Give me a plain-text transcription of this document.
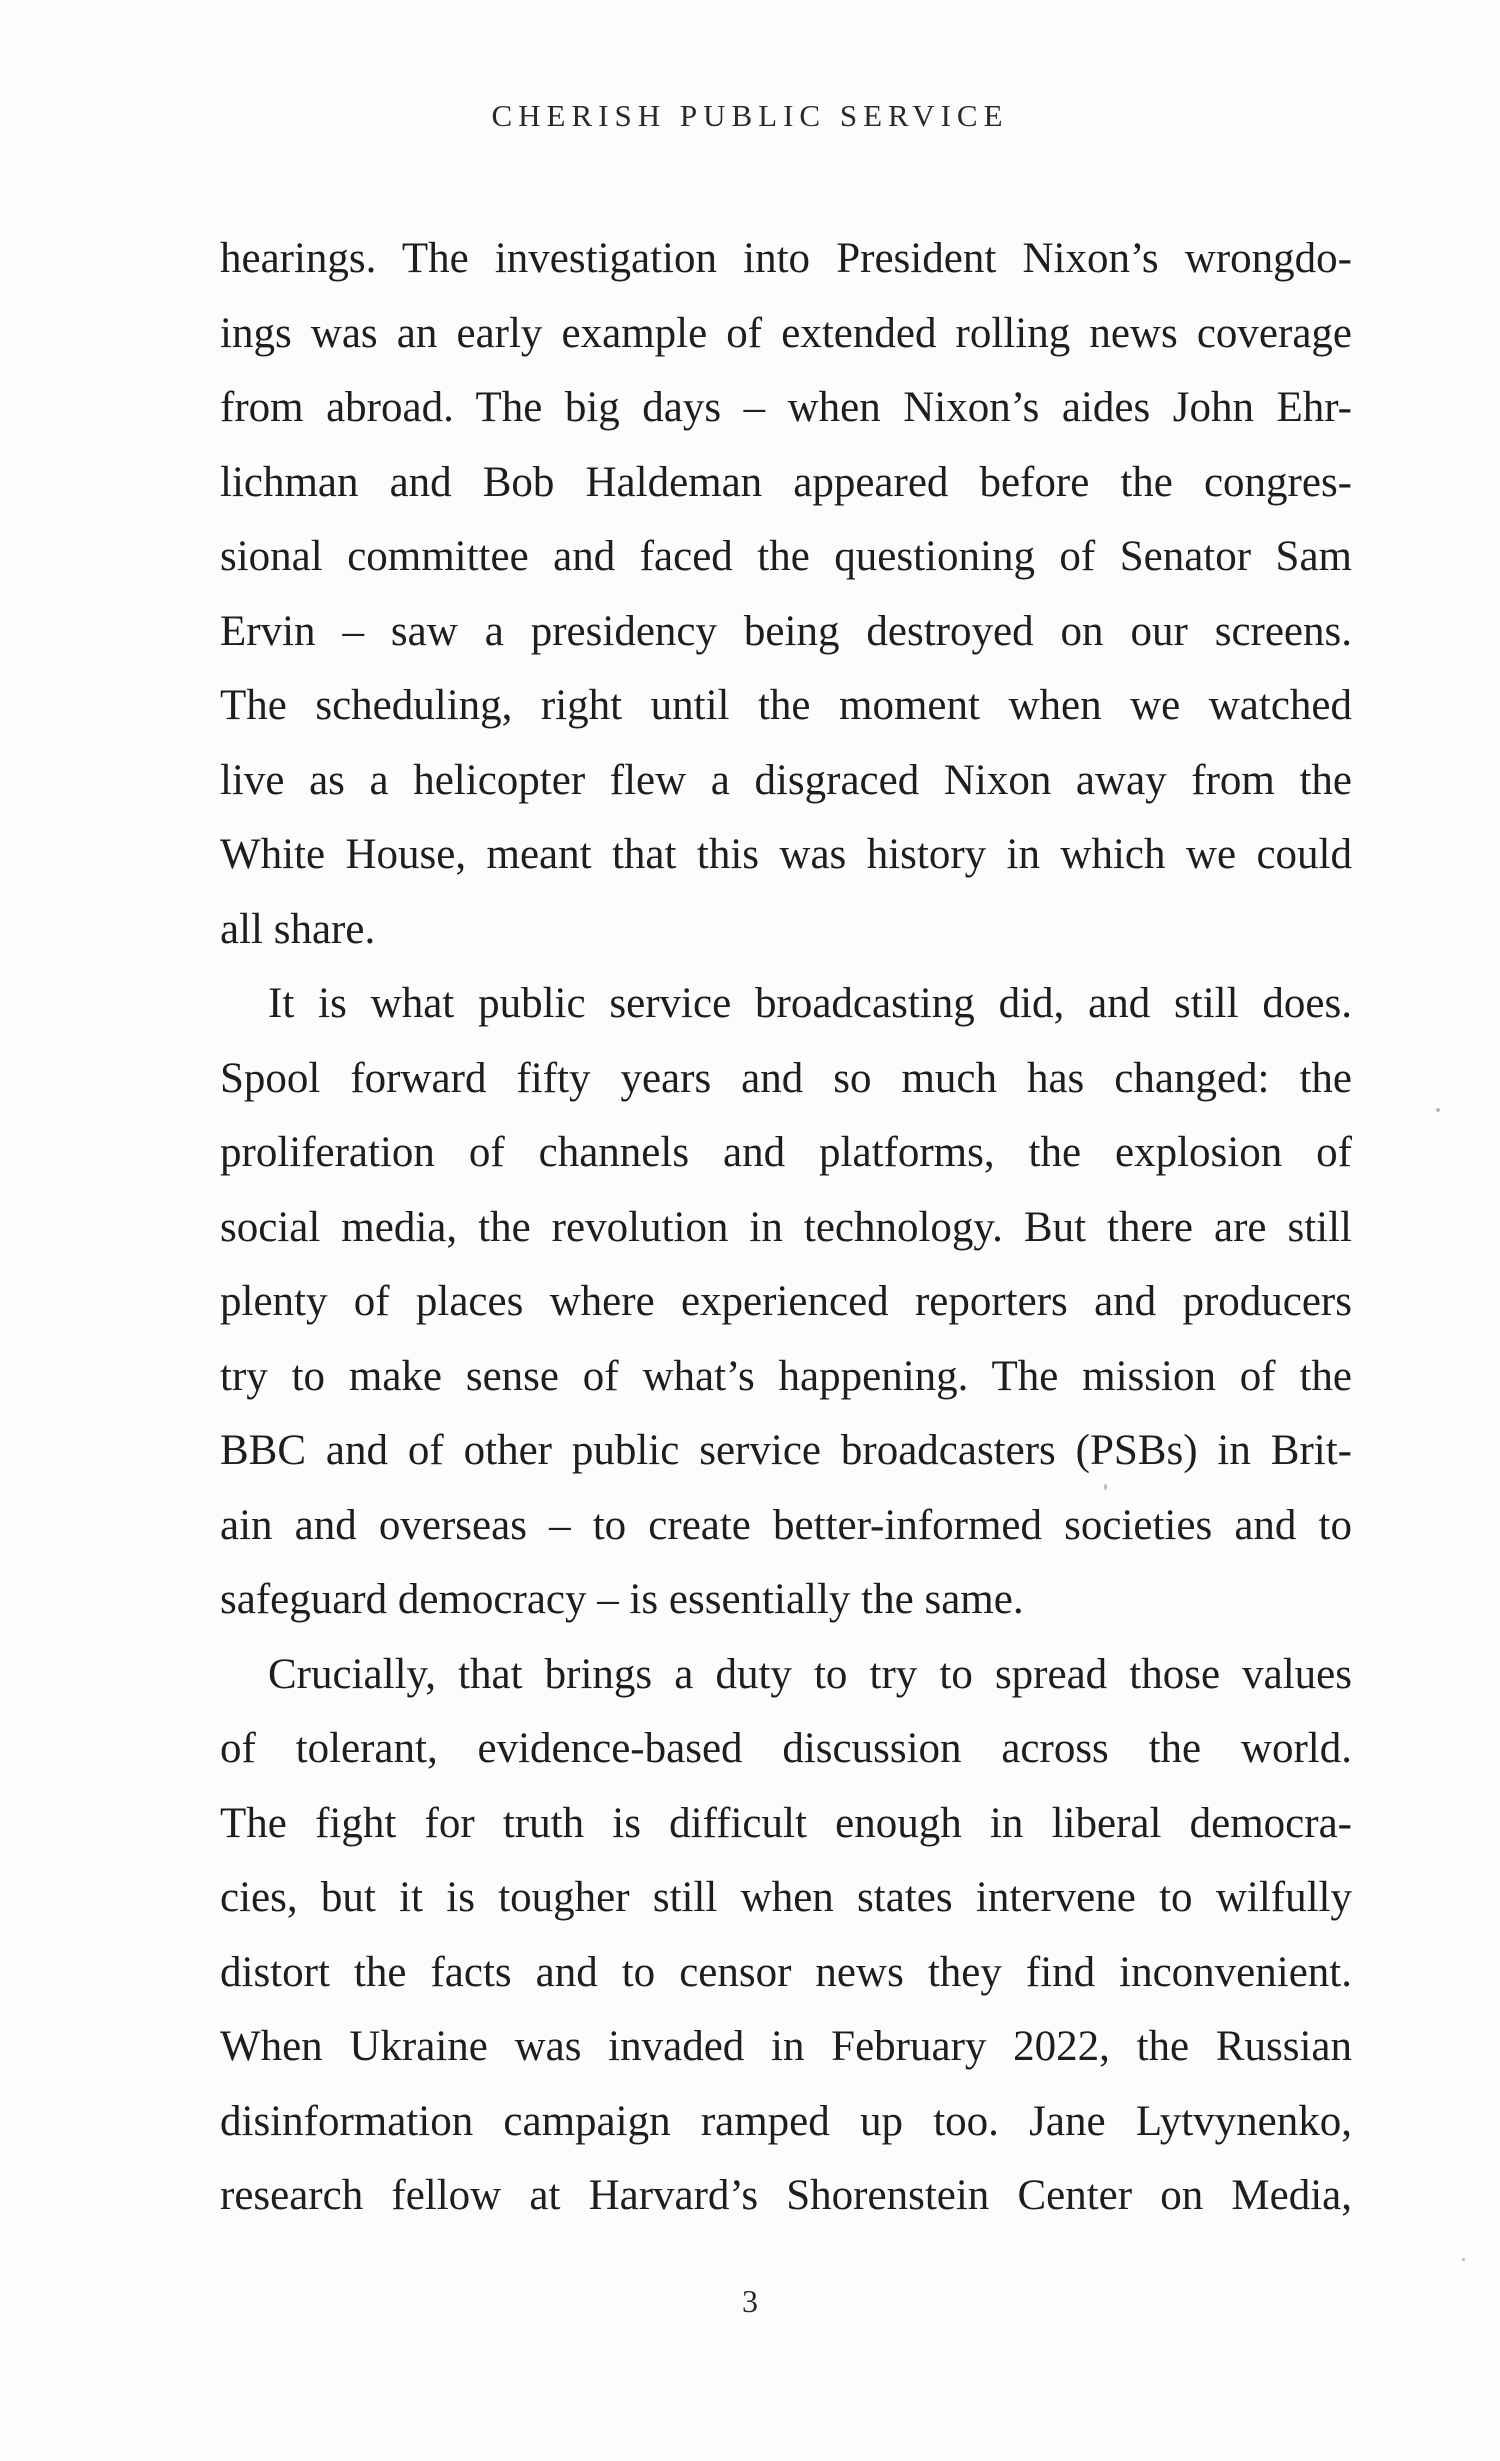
CHERISH PUBLIC SERVICE

hearings. The investigation into President Nixon’s wrongdo-
ings was an early example of extended rolling news coverage
from abroad. The big days – when Nixon’s aides John Ehr-
lichman and Bob Haldeman appeared before the congres-
sional committee and faced the questioning of Senator Sam
Ervin – saw a presidency being destroyed on our screens.
The scheduling, right until the moment when we watched
live as a helicopter flew a disgraced Nixon away from the
White House, meant that this was history in which we could
all share.

It is what public service broadcasting did, and still does.
Spool forward fifty years and so much has changed: the
proliferation of channels and platforms, the explosion of
social media, the revolution in technology. But there are still
plenty of places where experienced reporters and producers
try to make sense of what’s happening. The mission of the
BBC and of other public service broadcasters (PSBs) in Brit-
ain and overseas – to create better-informed societies and to
safeguard democracy – is essentially the same.

Crucially, that brings a duty to try to spread those values
of tolerant, evidence-based discussion across the world.
The fight for truth is difficult enough in liberal democra-
cies, but it is tougher still when states intervene to wilfully
distort the facts and to censor news they find inconvenient.
When Ukraine was invaded in February 2022, the Russian
disinformation campaign ramped up too. Jane Lytvynenko,
research fellow at Harvard’s Shorenstein Center on Media,

3
